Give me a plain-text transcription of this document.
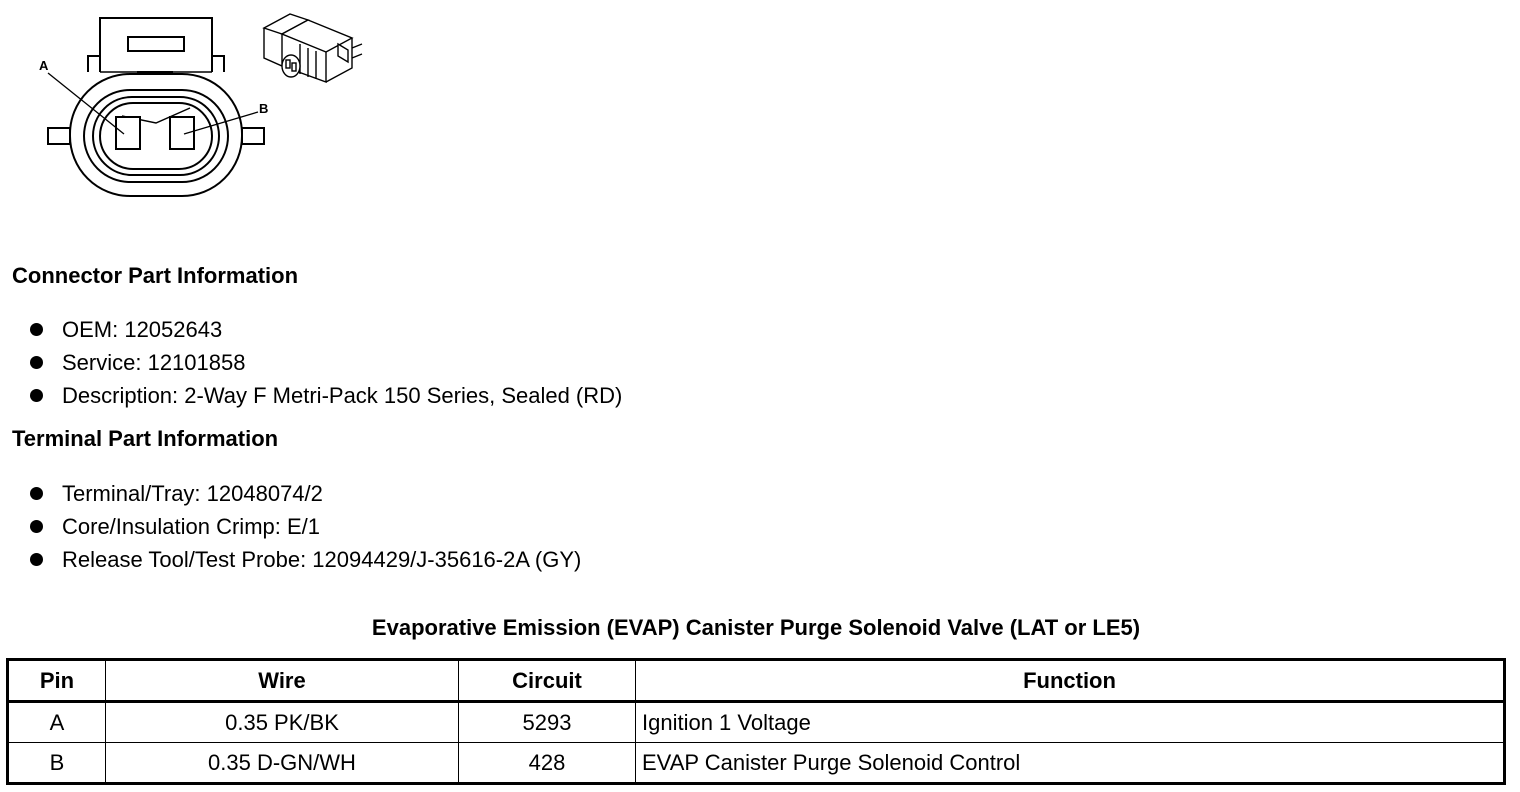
A
B
Connector Part Information
OEM: 12052643
Service: 12101858
Description: 2-Way F Metri-Pack 150 Series, Sealed (RD)
Terminal Part Information
Terminal/Tray: 12048074/2
Core/Insulation Crimp: E/1
Release Tool/Test Probe: 12094429/J-35616-2A (GY)
Evaporative Emission (EVAP) Canister Purge Solenoid Valve (LAT or LE5)
Pin	Wire	Circuit	Function
A	0.35 PK/BK	5293	Ignition 1 Voltage
B	0.35 D-GN/WH	428	EVAP Canister Purge Solenoid Control
